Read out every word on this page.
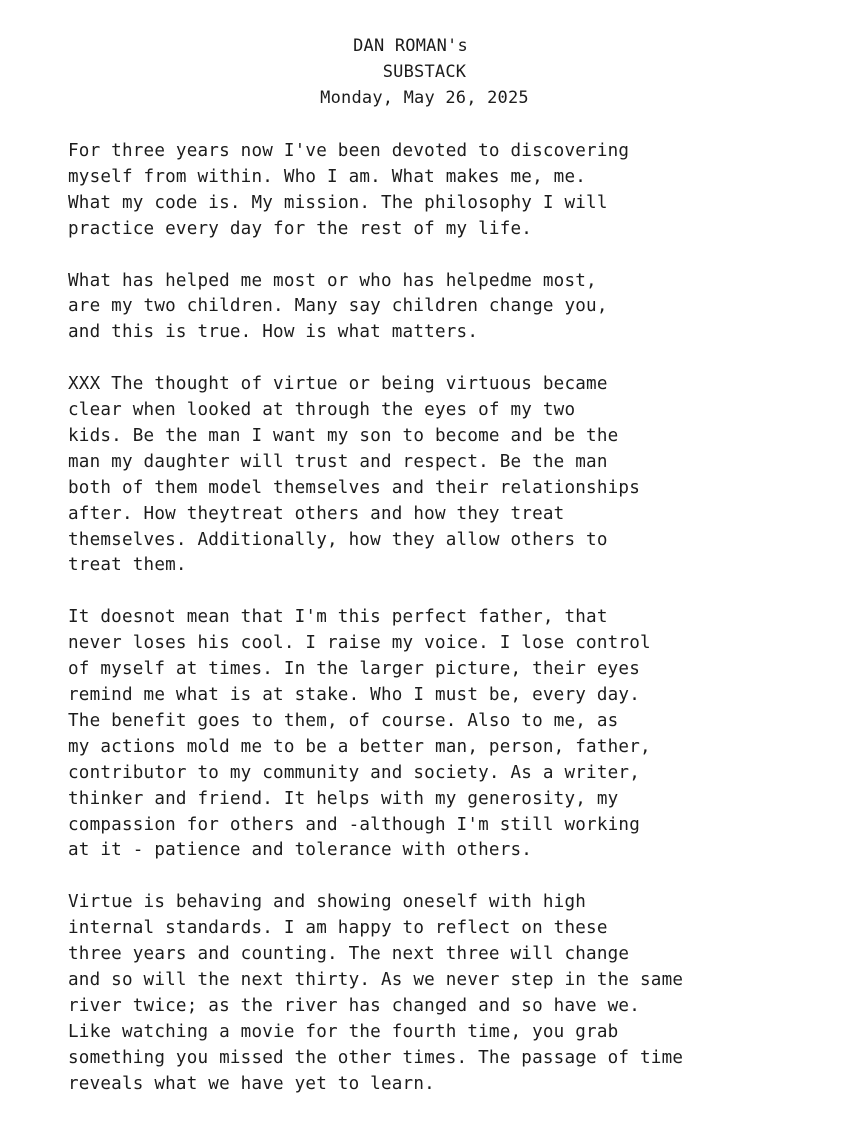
DAN ROMAN's
SUBSTACK
Monday, May 26, 2025

For three years now I've been devoted to discovering
myself from within. Who I am. What makes me, me.
What my code is. My mission. The philosophy I will
practice every day for the rest of my life.

What has helped me most or who has helpedme most,
are my two children. Many say children change you,
and this is true. How is what matters.

XXX The thought of virtue or being virtuous became
clear when looked at through the eyes of my two
kids. Be the man I want my son to become and be the
man my daughter will trust and respect. Be the man
both of them model themselves and their relationships
after. How theytreat others and how they treat
themselves. Additionally, how they allow others to
treat them.

It doesnot mean that I'm this perfect father, that
never loses his cool. I raise my voice. I lose control
of myself at times. In the larger picture, their eyes
remind me what is at stake. Who I must be, every day.
The benefit goes to them, of course. Also to me, as
my actions mold me to be a better man, person, father,
contributor to my community and society. As a writer,
thinker and friend. It helps with my generosity, my
compassion for others and -although I'm still working
at it - patience and tolerance with others.

Virtue is behaving and showing oneself with high
internal standards. I am happy to reflect on these
three years and counting. The next three will change
and so will the next thirty. As we never step in the same
river twice; as the river has changed and so have we.
Like watching a movie for the fourth time, you grab
something you missed the other times. The passage of time
reveals what we have yet to learn.
